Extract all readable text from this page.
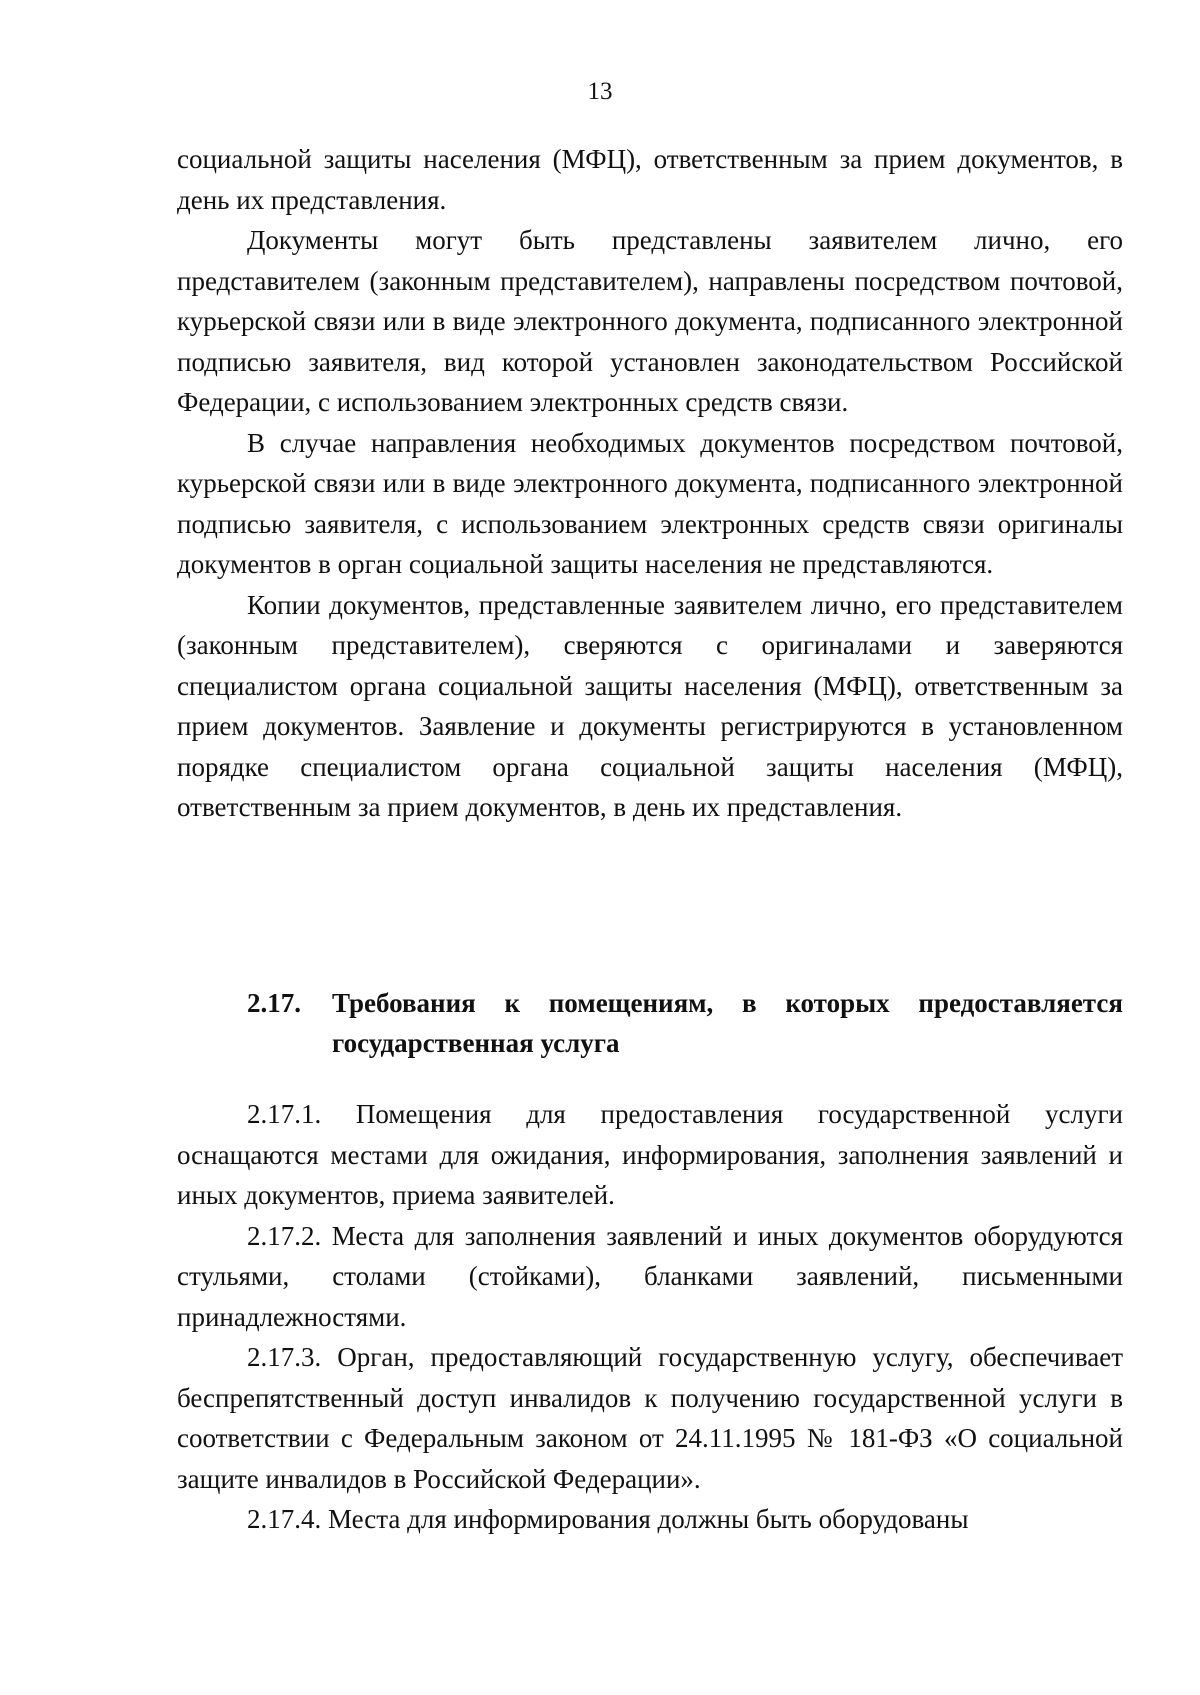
13

социальной защиты населения (МФЦ), ответственным за прием документов, в день их представления.

Документы могут быть представлены заявителем лично, его представителем (законным представителем), направлены посредством почтовой, курьерской связи или в виде электронного документа, подписанного электронной подписью заявителя, вид которой установлен законодательством Российской Федерации, с использованием электронных средств связи.

В случае направления необходимых документов посредством почтовой, курьерской связи или в виде электронного документа, подписанного электронной подписью заявителя, с использованием электронных средств связи оригиналы документов в орган социальной защиты населения не представляются.

Копии документов, представленные заявителем лично, его представителем (законным представителем), сверяются с оригиналами и заверяются специалистом органа социальной защиты населения (МФЦ), ответственным за прием документов. Заявление и документы регистрируются в установленном порядке специалистом органа социальной защиты населения (МФЦ), ответственным за прием документов, в день их представления.

2.17.	Требования к помещениям, в которых предоставляется государственная услуга

2.17.1. Помещения для предоставления государственной услуги оснащаются местами для ожидания, информирования, заполнения заявлений и иных документов, приема заявителей.

2.17.2. Места для заполнения заявлений и иных документов оборудуются стульями, столами (стойками), бланками заявлений, письменными принадлежностями.

2.17.3. Орган, предоставляющий государственную услугу, обеспечивает беспрепятственный доступ инвалидов к получению государственной услуги в соответствии с Федеральным законом от 24.11.1995 № 181-ФЗ «О социальной защите инвалидов в Российской Федерации».

2.17.4. Места для информирования должны быть оборудованы
